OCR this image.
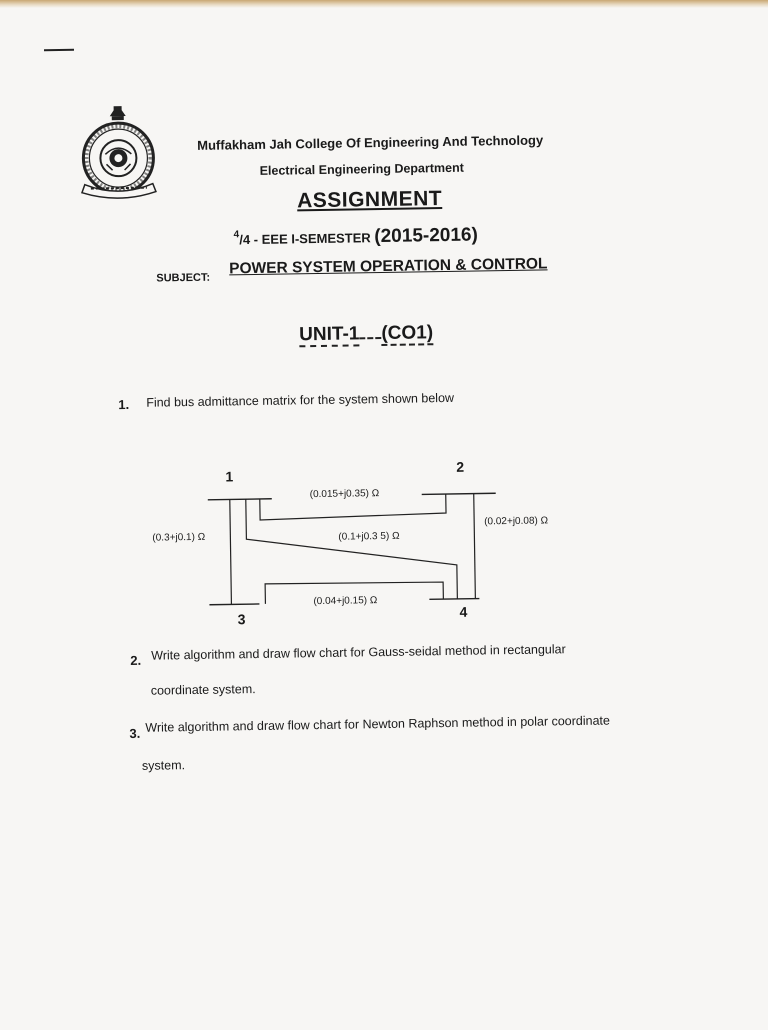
Muffakham Jah College Of Engineering And Technology
Electrical Engineering Department
ASSIGNMENT
$^4$/4 - EEE I-SEMESTER (2015-2016)
SUBJECT:
POWER SYSTEM OPERATION & CONTROL
UNIT-1 (CO1)
1. Find bus admittance matrix for the system shown below
1
2
3	4
(0.015+j0.35) Ω
(0.3+j0.1) Ω	(0.1+j0.3 5) Ω
(0.02+j0.08) Ω
(0.04+j0.15) Ω
2. Write algorithm and draw flow chart for Gauss-seidal method in rectangular
coordinate system.
3. Write algorithm and draw flow chart for Newton Raphson method in polar coordinate
system.
